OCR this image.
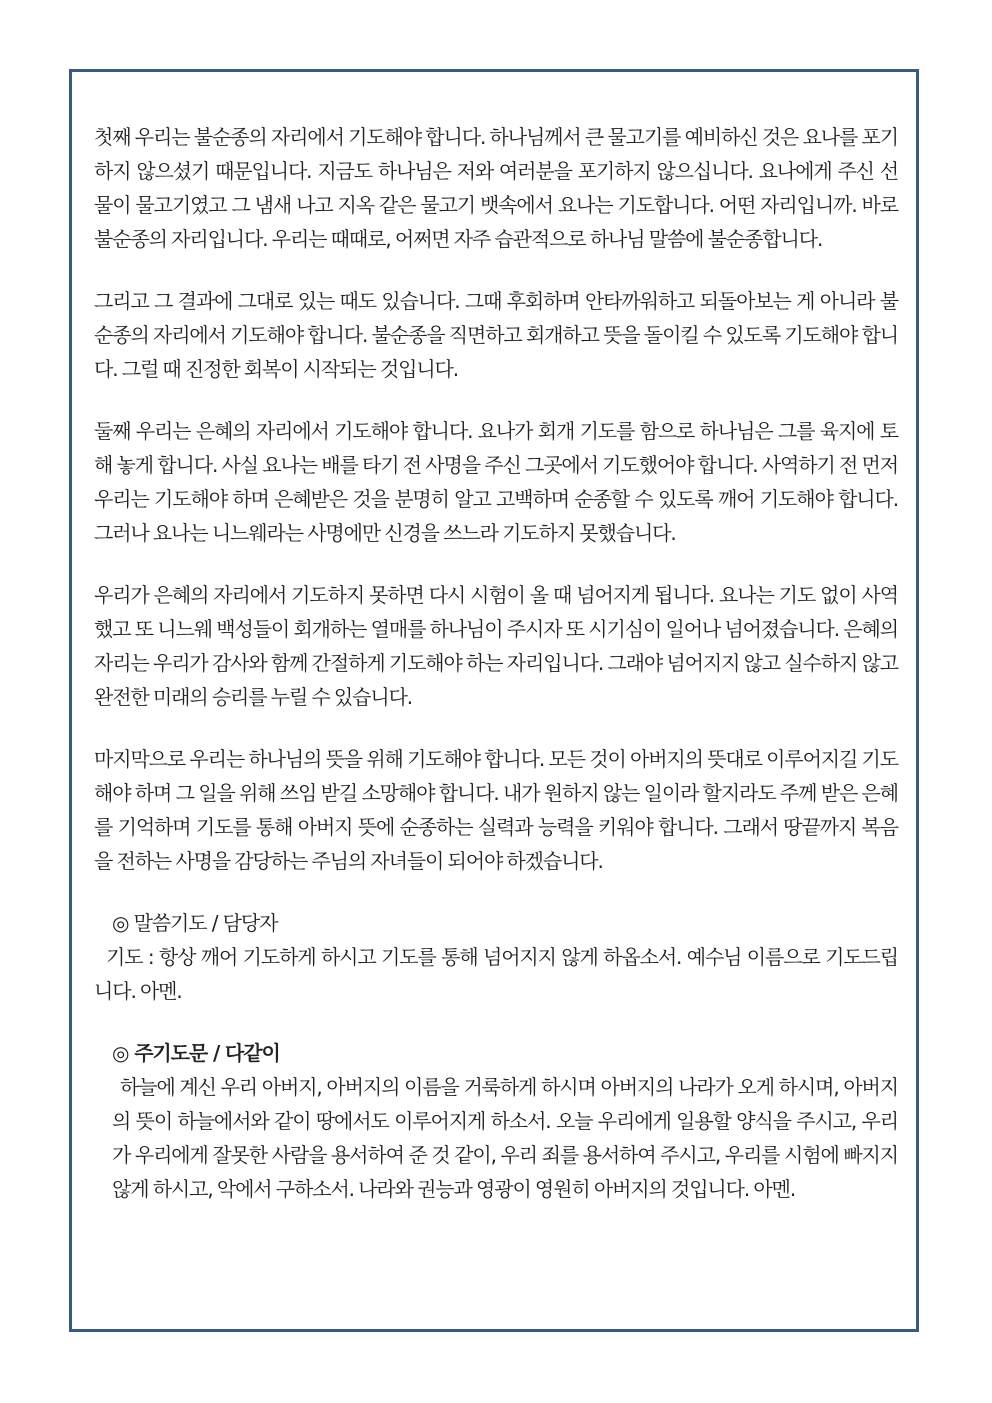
첫째 우리는 불순종의 자리에서 기도해야 합니다. 하나님께서 큰 물고기를 예비하신 것은 요나를 포기하지 않으셨기 때문입니다. 지금도 하나님은 저와 여러분을 포기하지 않으십니다. 요나에게 주신 선물이 물고기였고 그 냄새 나고 지옥 같은 물고기 뱃속에서 요나는 기도합니다. 어떤 자리입니까. 바로 불순종의 자리입니다. 우리는 때때로, 어쩌면 자주 습관적으로 하나님 말씀에 불순종합니다.

그리고 그 결과에 그대로 있는 때도 있습니다. 그때 후회하며 안타까워하고 되돌아보는 게 아니라 불순종의 자리에서 기도해야 합니다. 불순종을 직면하고 회개하고 뜻을 돌이킬 수 있도록 기도해야 합니다. 그럴 때 진정한 회복이 시작되는 것입니다.

둘째 우리는 은혜의 자리에서 기도해야 합니다. 요나가 회개 기도를 함으로 하나님은 그를 육지에 토해 놓게 합니다. 사실 요나는 배를 타기 전 사명을 주신 그곳에서 기도했어야 합니다. 사역하기 전 먼저 우리는 기도해야 하며 은혜받은 것을 분명히 알고 고백하며 순종할 수 있도록 깨어 기도해야 합니다. 그러나 요나는 니느웨라는 사명에만 신경을 쓰느라 기도하지 못했습니다.

우리가 은혜의 자리에서 기도하지 못하면 다시 시험이 올 때 넘어지게 됩니다. 요나는 기도 없이 사역했고 또 니느웨 백성들이 회개하는 열매를 하나님이 주시자 또 시기심이 일어나 넘어졌습니다. 은혜의 자리는 우리가 감사와 함께 간절하게 기도해야 하는 자리입니다. 그래야 넘어지지 않고 실수하지 않고 완전한 미래의 승리를 누릴 수 있습니다.

마지막으로 우리는 하나님의 뜻을 위해 기도해야 합니다. 모든 것이 아버지의 뜻대로 이루어지길 기도해야 하며 그 일을 위해 쓰임 받길 소망해야 합니다. 내가 원하지 않는 일이라 할지라도 주께 받은 은혜를 기억하며 기도를 통해 아버지 뜻에 순종하는 실력과 능력을 키워야 합니다. 그래서 땅끝까지 복음을 전하는 사명을 감당하는 주님의 자녀들이 되어야 하겠습니다.

◎ 말씀기도 / 담당자

기도 : 항상 깨어 기도하게 하시고 기도를 통해 넘어지지 않게 하옵소서. 예수님 이름으로 기도드립니다. 아멘.

◎ 주기도문 / 다같이

하늘에 계신 우리 아버지, 아버지의 이름을 거룩하게 하시며 아버지의 나라가 오게 하시며, 아버지의 뜻이 하늘에서와 같이 땅에서도 이루어지게 하소서. 오늘 우리에게 일용할 양식을 주시고, 우리가 우리에게 잘못한 사람을 용서하여 준 것 같이, 우리 죄를 용서하여 주시고, 우리를 시험에 빠지지 않게 하시고, 악에서 구하소서. 나라와 권능과 영광이 영원히 아버지의 것입니다. 아멘.
